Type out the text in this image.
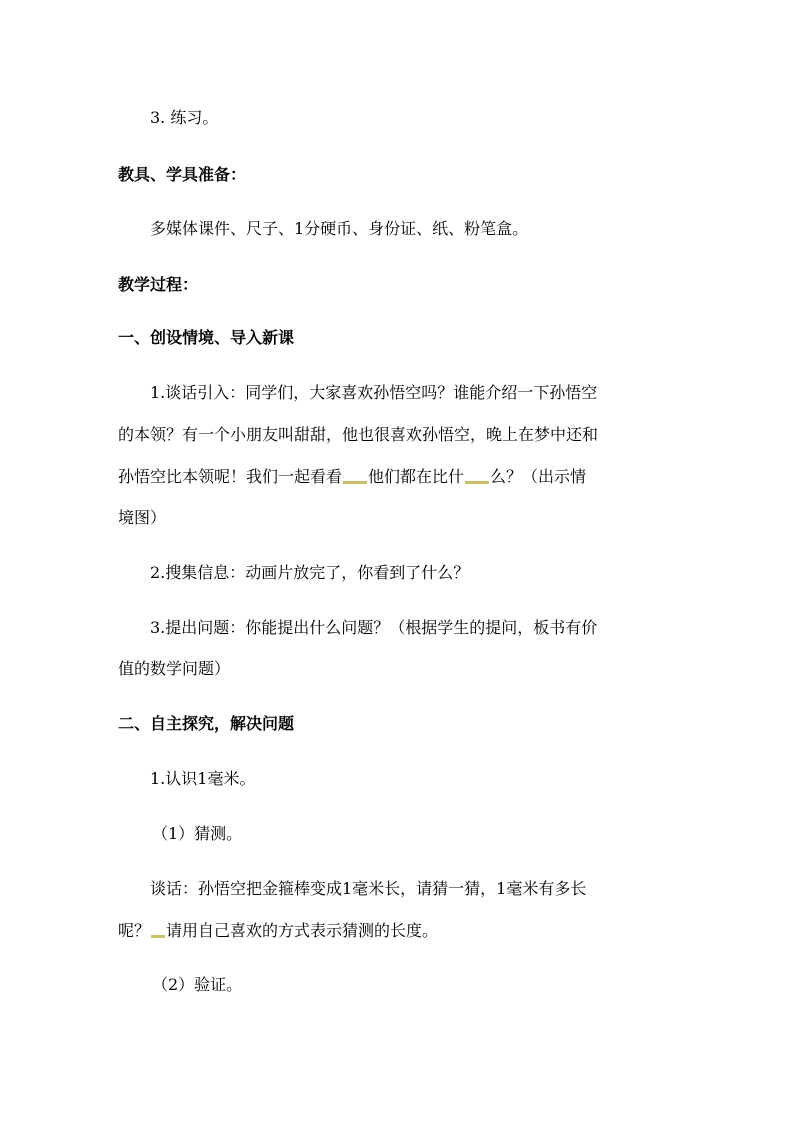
3. 练习。
教具、学具准备：
多媒体课件、尺子、1分硬币、身份证、纸、粉笔盒。
教学过程：
一、创设情境、导入新课
1.谈话引入：同学们，大家喜欢孙悟空吗？谁能介绍一下孙悟空
的本领？有一个小朋友叫甜甜，他也很喜欢孙悟空，晚上在梦中还和
孙悟空比本领呢！我们一起看看 他们都在比什 么？（出示情
境图）
2.搜集信息：动画片放完了，你看到了什么？
3.提出问题：你能提出什么问题？（根据学生的提问，板书有价
值的数学问题）
二、自主探究，解决问题
1.认识1毫米。
（1）猜测。
谈话：孙悟空把金箍棒变成1毫米长，请猜一猜，1毫米有多长
呢？ 请用自己喜欢的方式表示猜测的长度。
（2）验证。
